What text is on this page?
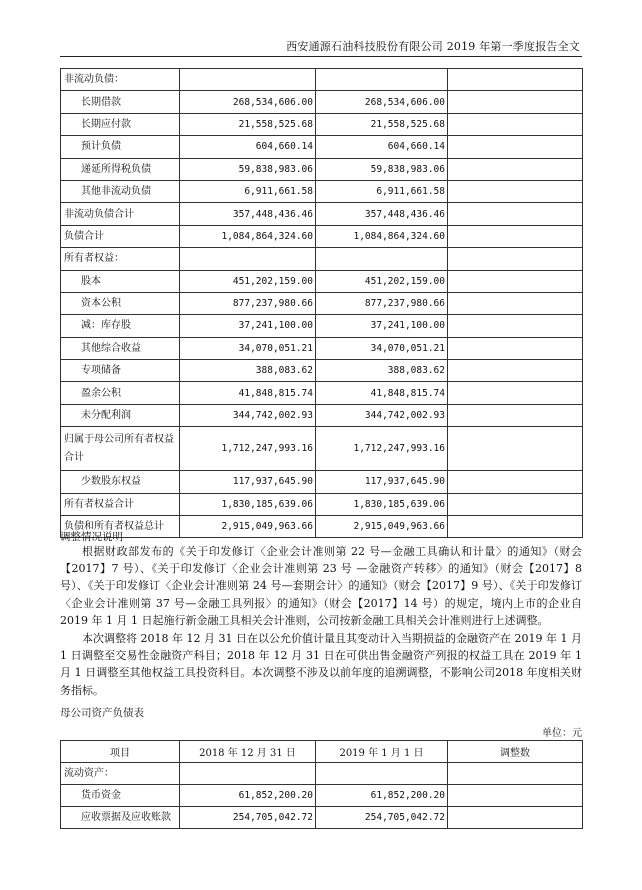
西安通源石油科技股份有限公司 2019 年第一季度报告全文
非流动负债：			
长期借款	268,534,606.00	268,534,606.00	
长期应付款	21,558,525.68	21,558,525.68	
预计负债	604,660.14	604,660.14	
递延所得税负债	59,838,983.06	59,838,983.06	
其他非流动负债	6,911,661.58	6,911,661.58	
非流动负债合计	357,448,436.46	357,448,436.46	
负债合计	1,084,864,324.60	1,084,864,324.60	
所有者权益：			
股本	451,202,159.00	451,202,159.00	
资本公积	877,237,980.66	877,237,980.66	
减：库存股	37,241,100.00	37,241,100.00	
其他综合收益	34,070,051.21	34,070,051.21	
专项储备	388,083.62	388,083.62	
盈余公积	41,848,815.74	41,848,815.74	
未分配利润	344,742,002.93	344,742,002.93	
归属于母公司所有者权益合计	1,712,247,993.16	1,712,247,993.16	
少数股东权益	117,937,645.90	117,937,645.90	
所有者权益合计	1,830,185,639.06	1,830,185,639.06	
负债和所有者权益总计	2,915,049,963.66	2,915,049,963.66	
调整情况说明

根据财政部发布的《关于印发修订〈企业会计准则第 22 号—金融工具确认和计量〉的通知》（财会【2017】7 号）、《关于印发修订〈企业会计准则第 23 号 —金融资产转移〉的通知》（财会【2017】8 号）、《关于印发修订〈企业会计准则第 24 号—套期会计〉的通知》（财会【2017】9 号）、《关于印发修订〈企业会计准则第 37 号—金融工具列报〉的通知》（财会【2017】14 号）的规定，境内上市的企业自 2019 年 1 月 1 日起施行新金融工具相关会计准则，公司按新金融工具相关会计准则进行上述调整。

本次调整将 2018 年 12 月 31 日在以公允价值计量且其变动计入当期损益的金融资产在 2019 年 1 月 1 日调整至交易性金融资产科目；2018 年 12 月 31 日在可供出售金融资产列报的权益工具在 2019 年 1 月 1 日调整至其他权益工具投资科目。本次调整不涉及以前年度的追溯调整，不影响公司2018 年度相关财务指标。

母公司资产负债表
单位：元
项目	2018 年 12 月 31 日	2019 年 1 月 1 日	调整数
流动资产：			
货币资金	61,852,200.20	61,852,200.20	
应收票据及应收账款	254,705,042.72	254,705,042.72	
